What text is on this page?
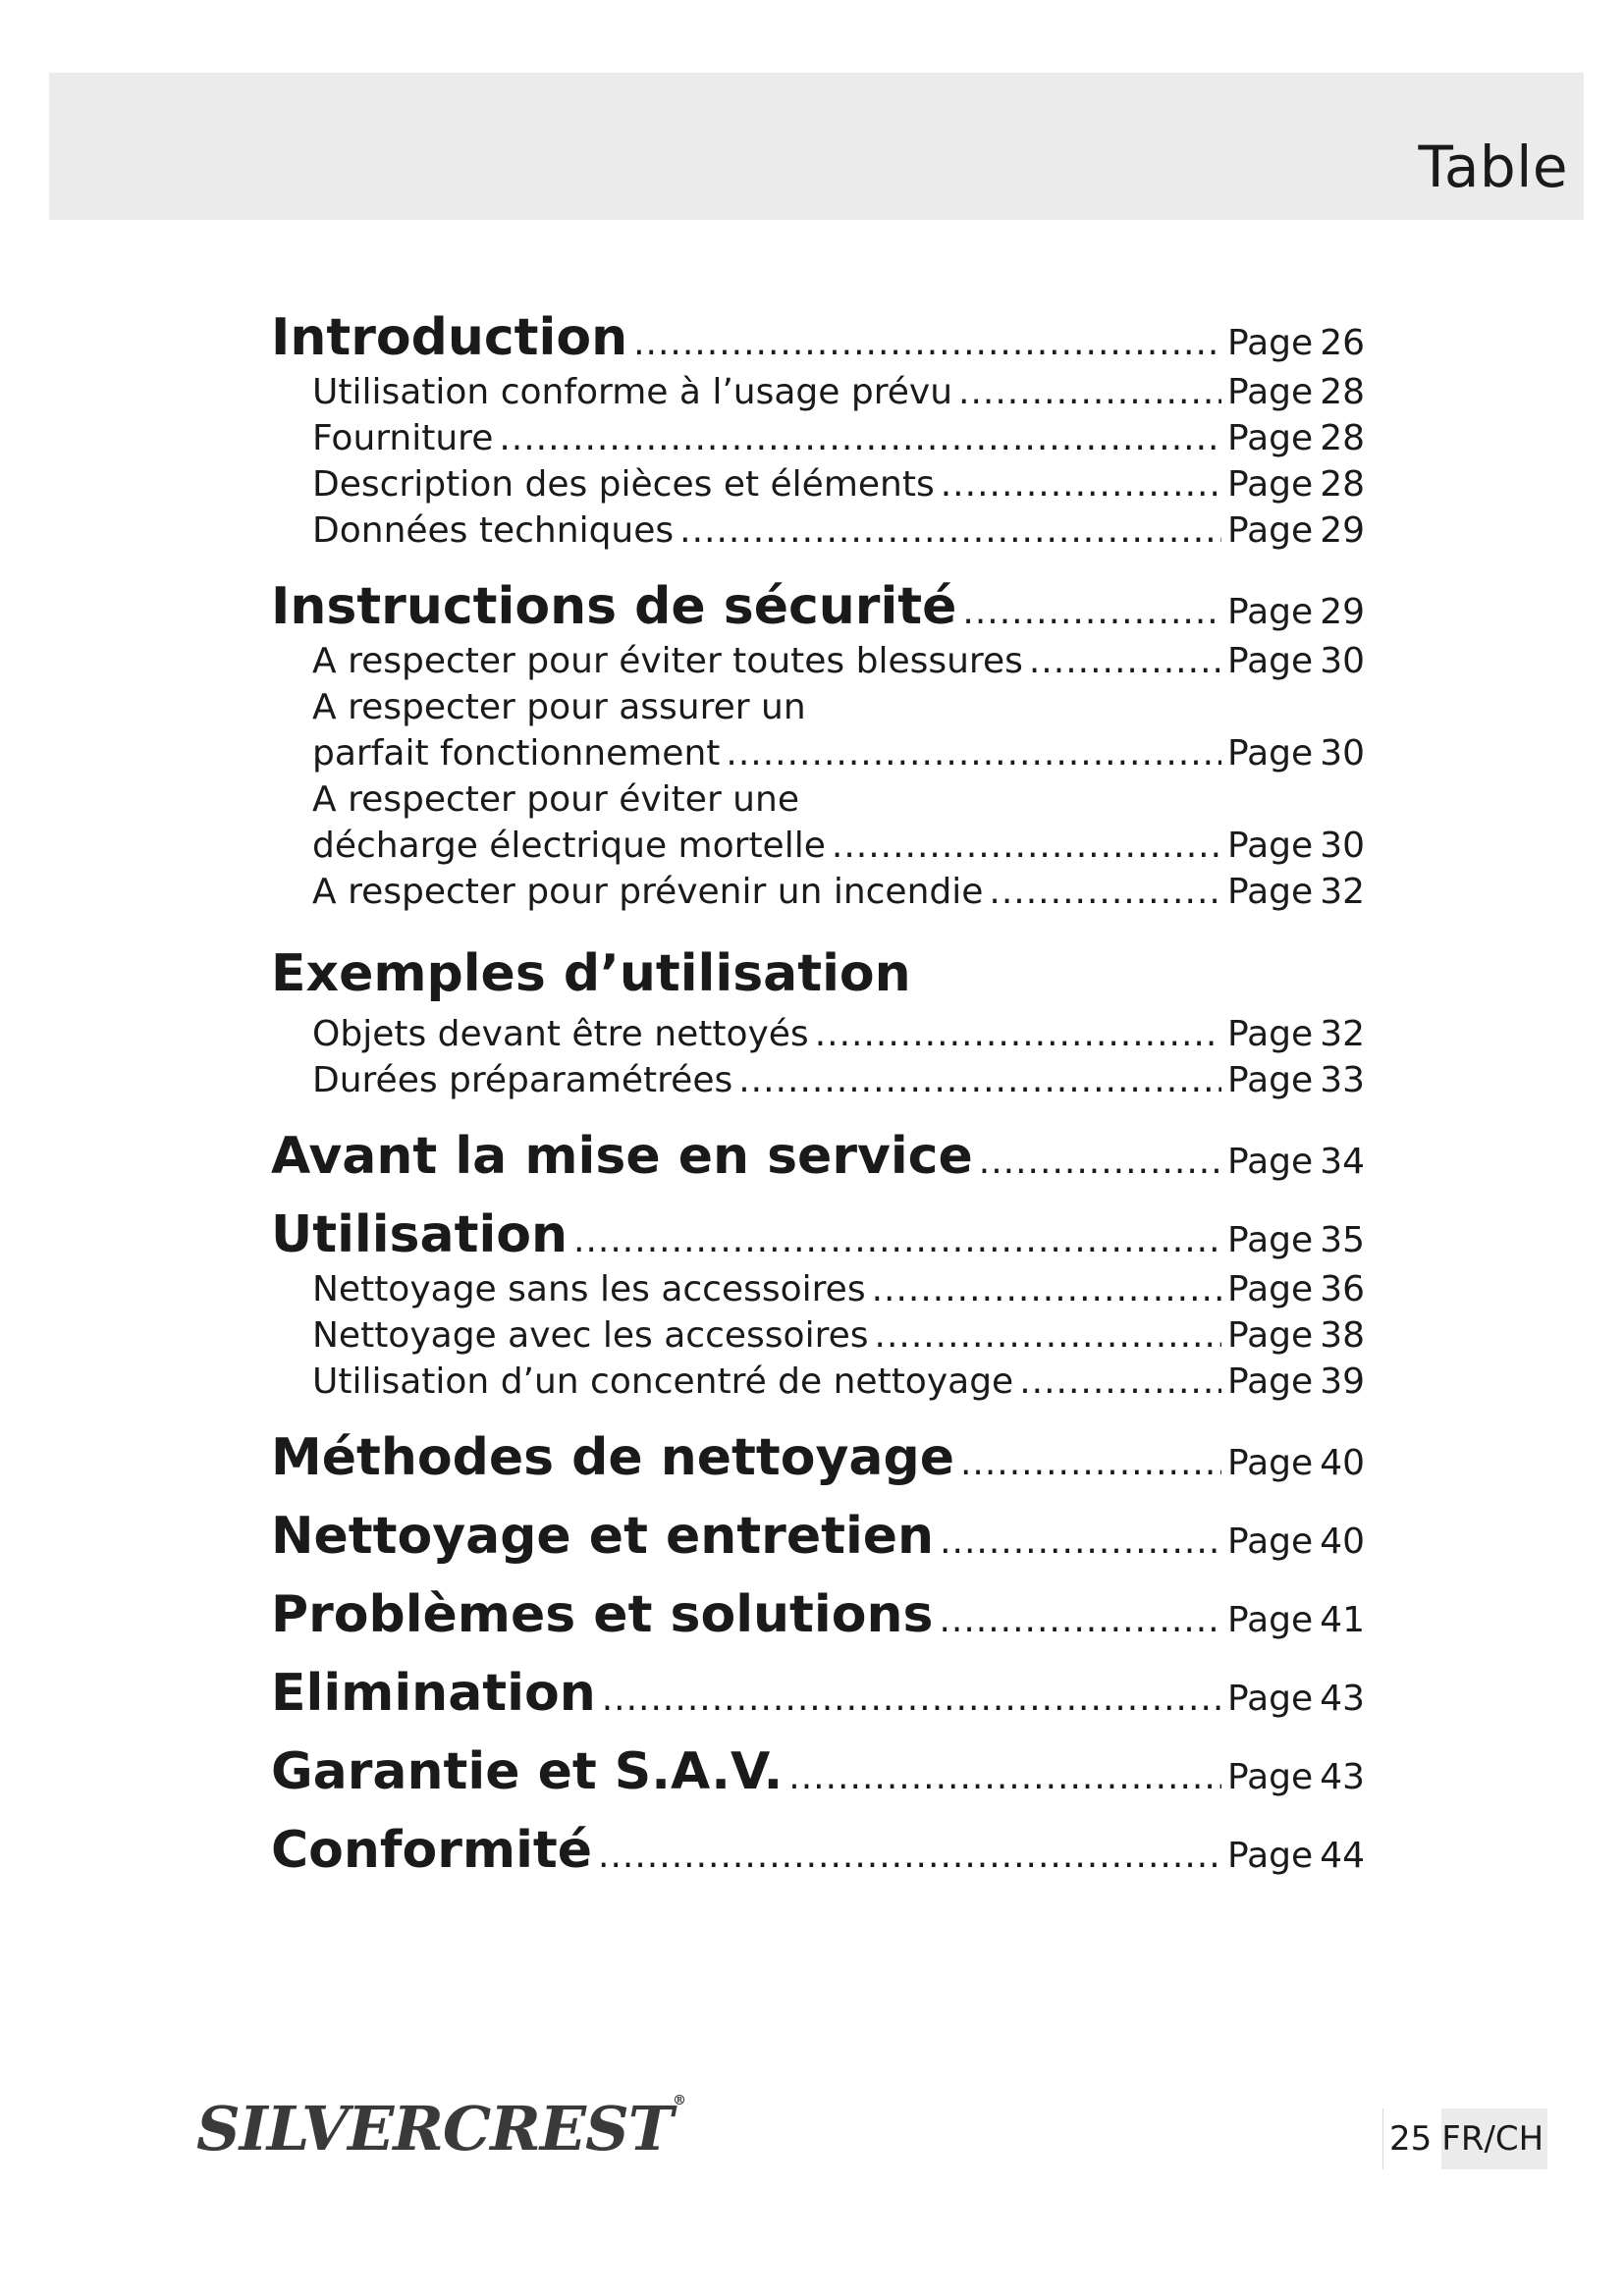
Table
Introduction .....	Page 26
Utilisation conforme à l’usage prévu .....	Page 28
Fourniture .....	Page 28
Description des pièces et éléments .....	Page 28
Données techniques .....	Page 29
Instructions de sécurité .....	Page 29
A respecter pour éviter toutes blessures .....	Page 30
A respecter pour assurer un
parfait fonctionnement .....	Page 30
A respecter pour éviter une
décharge électrique mortelle .....	Page 30
A respecter pour prévenir un incendie .....	Page 32
Exemples d’utilisation
Objets devant être nettoyés .....	Page 32
Durées préparamétrées .....	Page 33
Avant la mise en service .....	Page 34
Utilisation .....	Page 35
Nettoyage sans les accessoires .....	Page 36
Nettoyage avec les accessoires .....	Page 38
Utilisation d’un concentré de nettoyage .....	Page 39
Méthodes de nettoyage .....	Page 40
Nettoyage et entretien .....	Page 40
Problèmes et solutions .....	Page 41
Elimination .....	Page 43
Garantie et S.A.V. .....	Page 43
Conformité .....	Page 44
SILVERCREST®
25 FR/CH
